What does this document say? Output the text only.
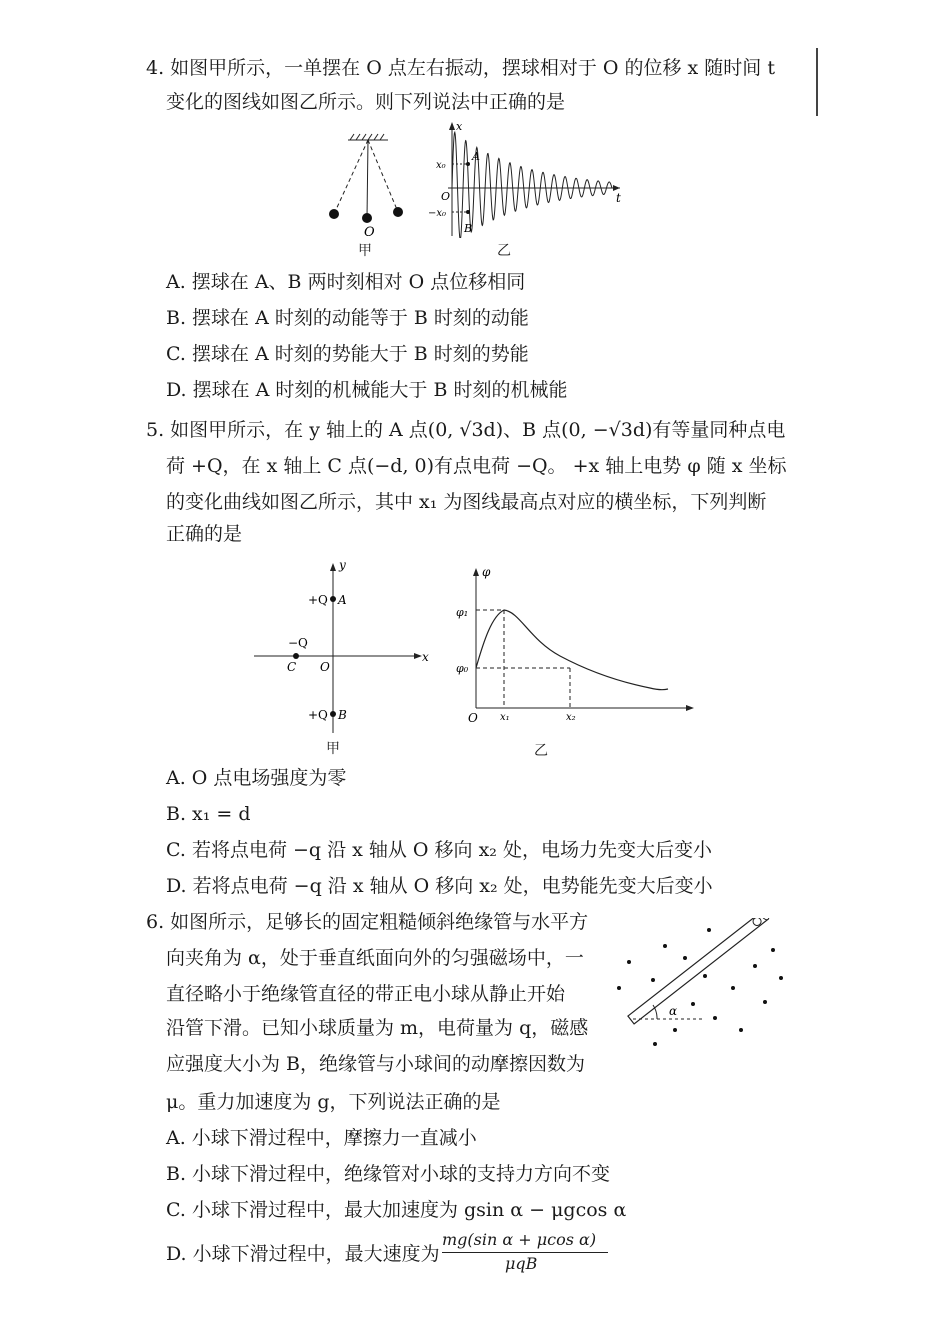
4. 如图甲所示，一单摆在 O 点左右振动，摆球相对于 O 的位移 x 随时间 t
变化的图线如图乙所示。则下列说法中正确的是
O
甲
x
t
x₀
−x₀
O
A
B
乙
A. 摆球在 A、B 两时刻相对 O 点位移相同
B. 摆球在 A 时刻的动能等于 B 时刻的动能
C. 摆球在 A 时刻的势能大于 B 时刻的势能
D. 摆球在 A 时刻的机械能大于 B 时刻的机械能
5. 如图甲所示，在 y 轴上的 A 点(0, √3d)、B 点(0, −√3d)有等量同种点电
荷 +Q，在 x 轴上 C 点(−d, 0)有点电荷 −Q。 +x 轴上电势 φ 随 x 坐标
的变化曲线如图乙所示，其中 x₁ 为图线最高点对应的横坐标，下列判断
正确的是
y
x
O
A
B
C
+Q
+Q
−Q
甲
φ
φ₁
φ₀
O x₁	x₂
乙
A. O 点电场强度为零
B. x₁ = d
C. 若将点电荷 −q 沿 x 轴从 O 移向 x₂ 处，电场力先变大后变小
D. 若将点电荷 −q 沿 x 轴从 O 移向 x₂ 处，电势能先变大后变小
6. 如图所示，足够长的固定粗糙倾斜绝缘管与水平方
向夹角为 α，处于垂直纸面向外的匀强磁场中，一
直径略小于绝缘管直径的带正电小球从静止开始
沿管下滑。已知小球质量为 m，电荷量为 q，磁感
应强度大小为 B，绝缘管与小球间的动摩擦因数为
μ。重力加速度为 g，下列说法正确的是
α
A. 小球下滑过程中，摩擦力一直减小
B. 小球下滑过程中，绝缘管对小球的支持力方向不变
C. 小球下滑过程中，最大加速度为 gsin α − μgcos α
D. 小球下滑过程中，最大速度为
mg(sin α + μcos α)
μqB
